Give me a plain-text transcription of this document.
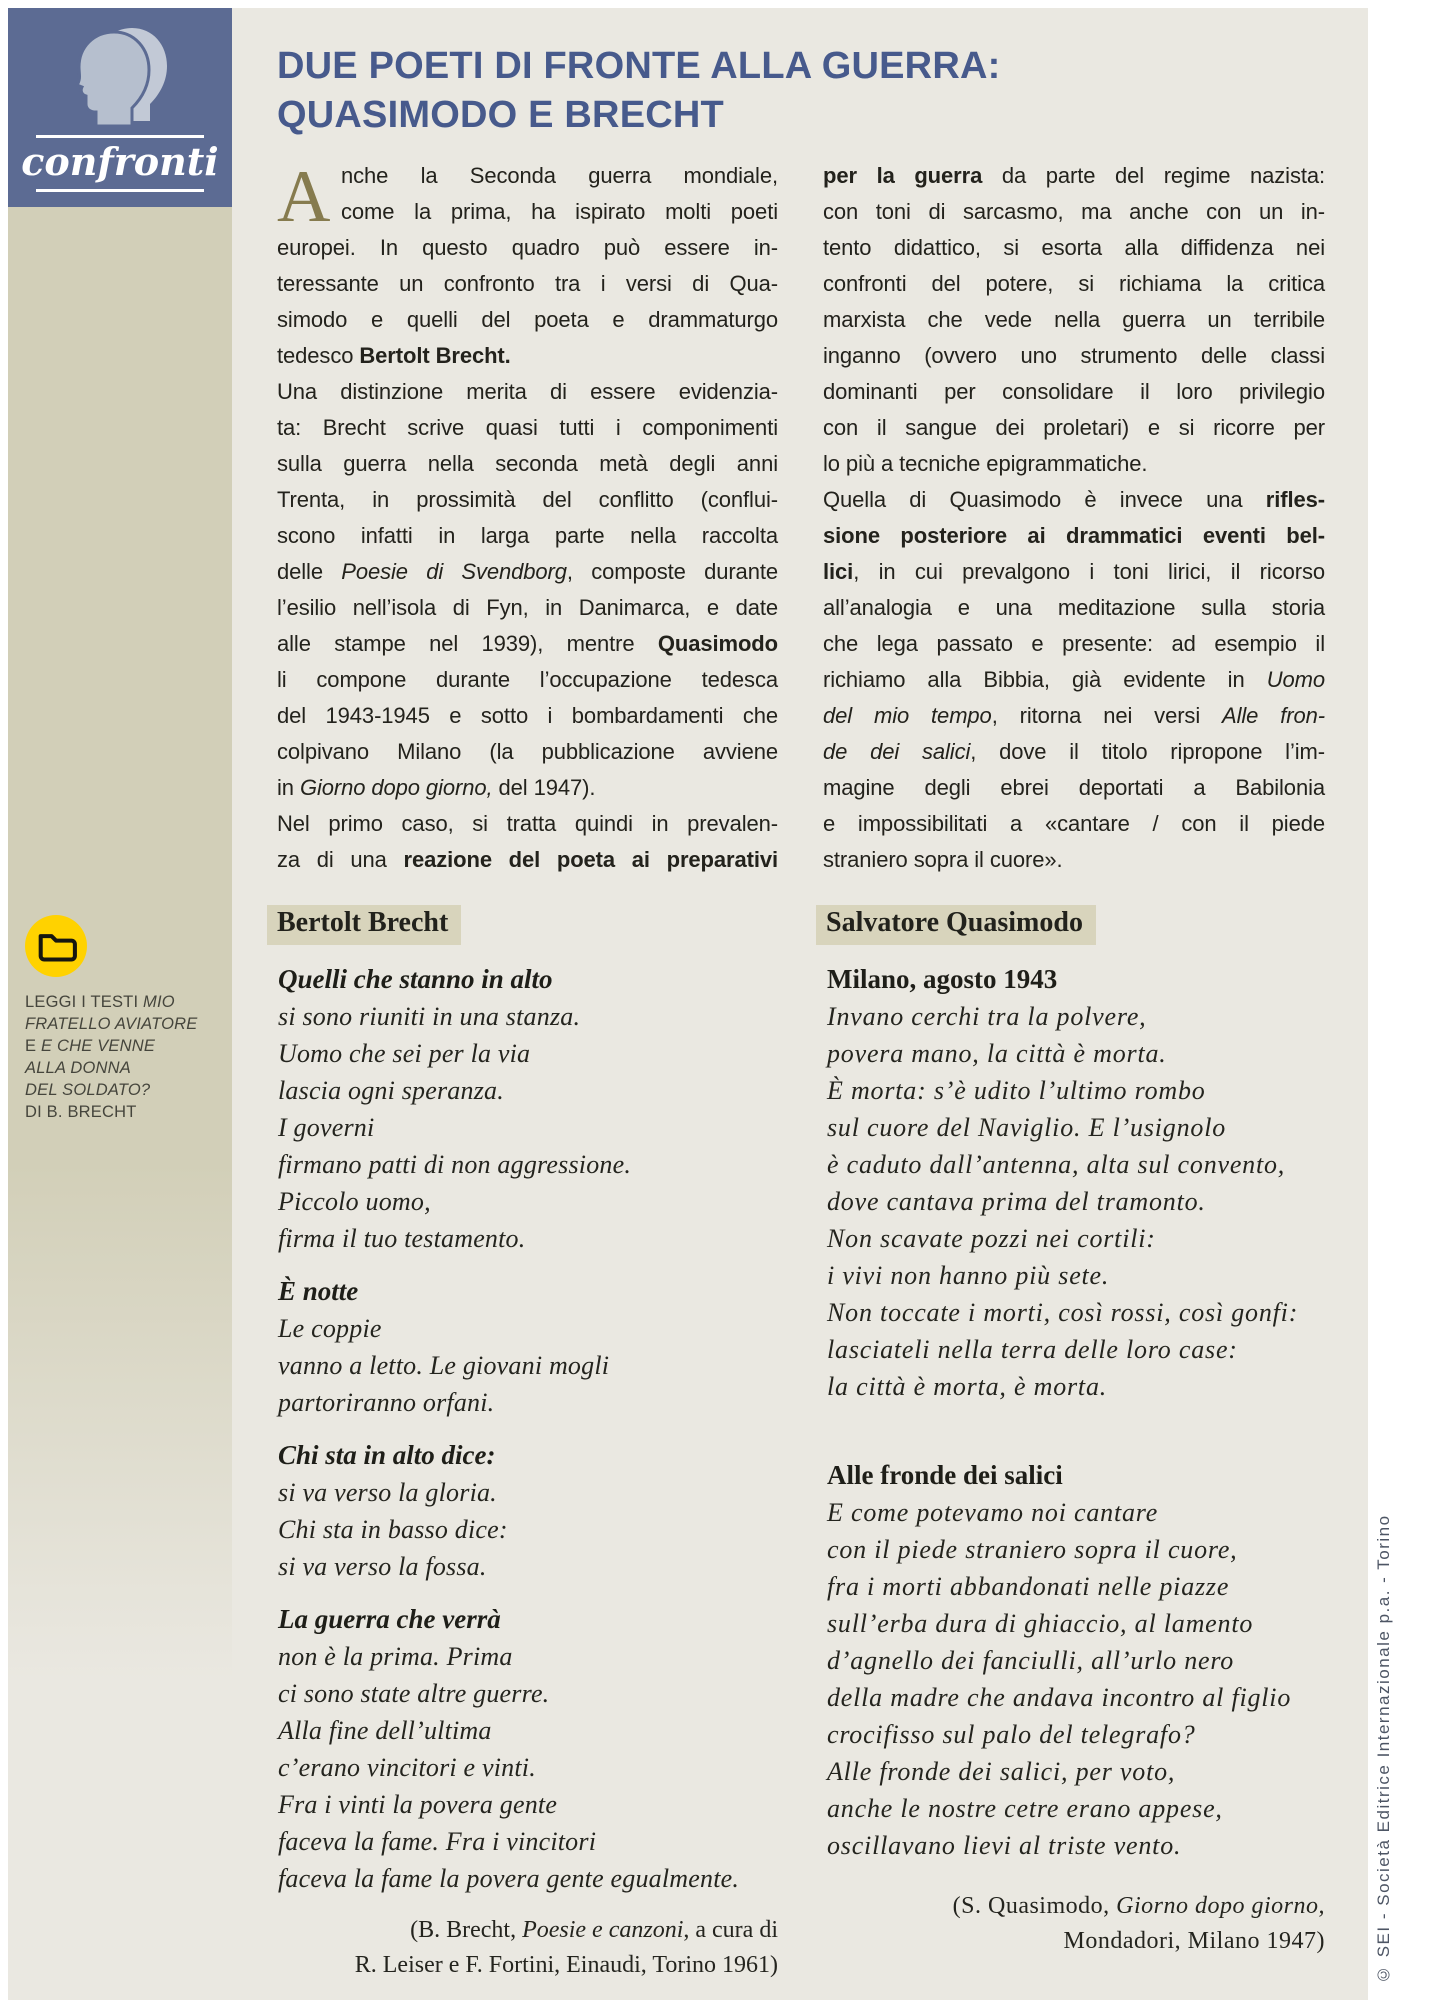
confronti
LEGGI I TESTI MIO
FRATELLO AVIATORE
E E CHE VENNE
ALLA DONNA
DEL SOLDATO?
DI B. BRECHT
DUE POETI DI FRONTE ALLA GUERRA:
QUASIMODO E BRECHT
A nche la Seconda guerra mondiale,
come la prima, ha ispirato molti poeti
europei. In questo quadro può essere in-
teressante un confronto tra i versi di Qua-
simodo e quelli del poeta e drammaturgo
tedesco Bertolt Brecht.
Una distinzione merita di essere evidenzia-
ta: Brecht scrive quasi tutti i componimenti
sulla guerra nella seconda metà degli anni
Trenta, in prossimità del conflitto (conflui-
scono infatti in larga parte nella raccolta
delle Poesie di Svendborg, composte durante
l’esilio nell’isola di Fyn, in Danimarca, e date
alle stampe nel 1939), mentre Quasimodo
li compone durante l’occupazione tedesca
del 1943-1945 e sotto i bombardamenti che
colpivano Milano (la pubblicazione avviene
in Giorno dopo giorno, del 1947).
Nel primo caso, si tratta quindi in prevalen-
za di una reazione del poeta ai preparativi
per la guerra da parte del regime nazista:
con toni di sarcasmo, ma anche con un in-
tento didattico, si esorta alla diffidenza nei
confronti del potere, si richiama la critica
marxista che vede nella guerra un terribile
inganno (ovvero uno strumento delle classi
dominanti per consolidare il loro privilegio
con il sangue dei proletari) e si ricorre per
lo più a tecniche epigrammatiche.
Quella di Quasimodo è invece una rifles-
sione posteriore ai drammatici eventi bel-
lici, in cui prevalgono i toni lirici, il ricorso
all’analogia e una meditazione sulla storia
che lega passato e presente: ad esempio il
richiamo alla Bibbia, già evidente in Uomo
del mio tempo, ritorna nei versi Alle fron-
de dei salici, dove il titolo ripropone l’im-
magine degli ebrei deportati a Babilonia
e impossibilitati a «cantare / con il piede
straniero sopra il cuore».
Bertolt Brecht
Quelli che stanno in alto
si sono riuniti in una stanza.
Uomo che sei per la via
lascia ogni speranza.
I governi
firmano patti di non aggressione.
Piccolo uomo,
firma il tuo testamento.
È notte
Le coppie
vanno a letto. Le giovani mogli
partoriranno orfani.
Chi sta in alto dice:
si va verso la gloria.
Chi sta in basso dice:
si va verso la fossa.
La guerra che verrà
non è la prima. Prima
ci sono state altre guerre.
Alla fine dell’ultima
c’erano vincitori e vinti.
Fra i vinti la povera gente
faceva la fame. Fra i vincitori
faceva la fame la povera gente egualmente.
(B. Brecht, Poesie e canzoni, a cura di
R. Leiser e F. Fortini, Einaudi, Torino 1961)
Salvatore Quasimodo
Milano, agosto 1943
Invano cerchi tra la polvere,
povera mano, la città è morta.
È morta: s’è udito l’ultimo rombo
sul cuore del Naviglio. E l’usignolo
è caduto dall’antenna, alta sul convento,
dove cantava prima del tramonto.
Non scavate pozzi nei cortili:
i vivi non hanno più sete.
Non toccate i morti, così rossi, così gonfi:
lasciateli nella terra delle loro case:
la città è morta, è morta.
Alle fronde dei salici
E come potevamo noi cantare
con il piede straniero sopra il cuore,
fra i morti abbandonati nelle piazze
sull’erba dura di ghiaccio, al lamento
d’agnello dei fanciulli, all’urlo nero
della madre che andava incontro al figlio
crocifisso sul palo del telegrafo?
Alle fronde dei salici, per voto,
anche le nostre cetre erano appese,
oscillavano lievi al triste vento.
(S. Quasimodo, Giorno dopo giorno,
Mondadori, Milano 1947)	© SEI - Società Editrice Internazionale p.a. - Torino
